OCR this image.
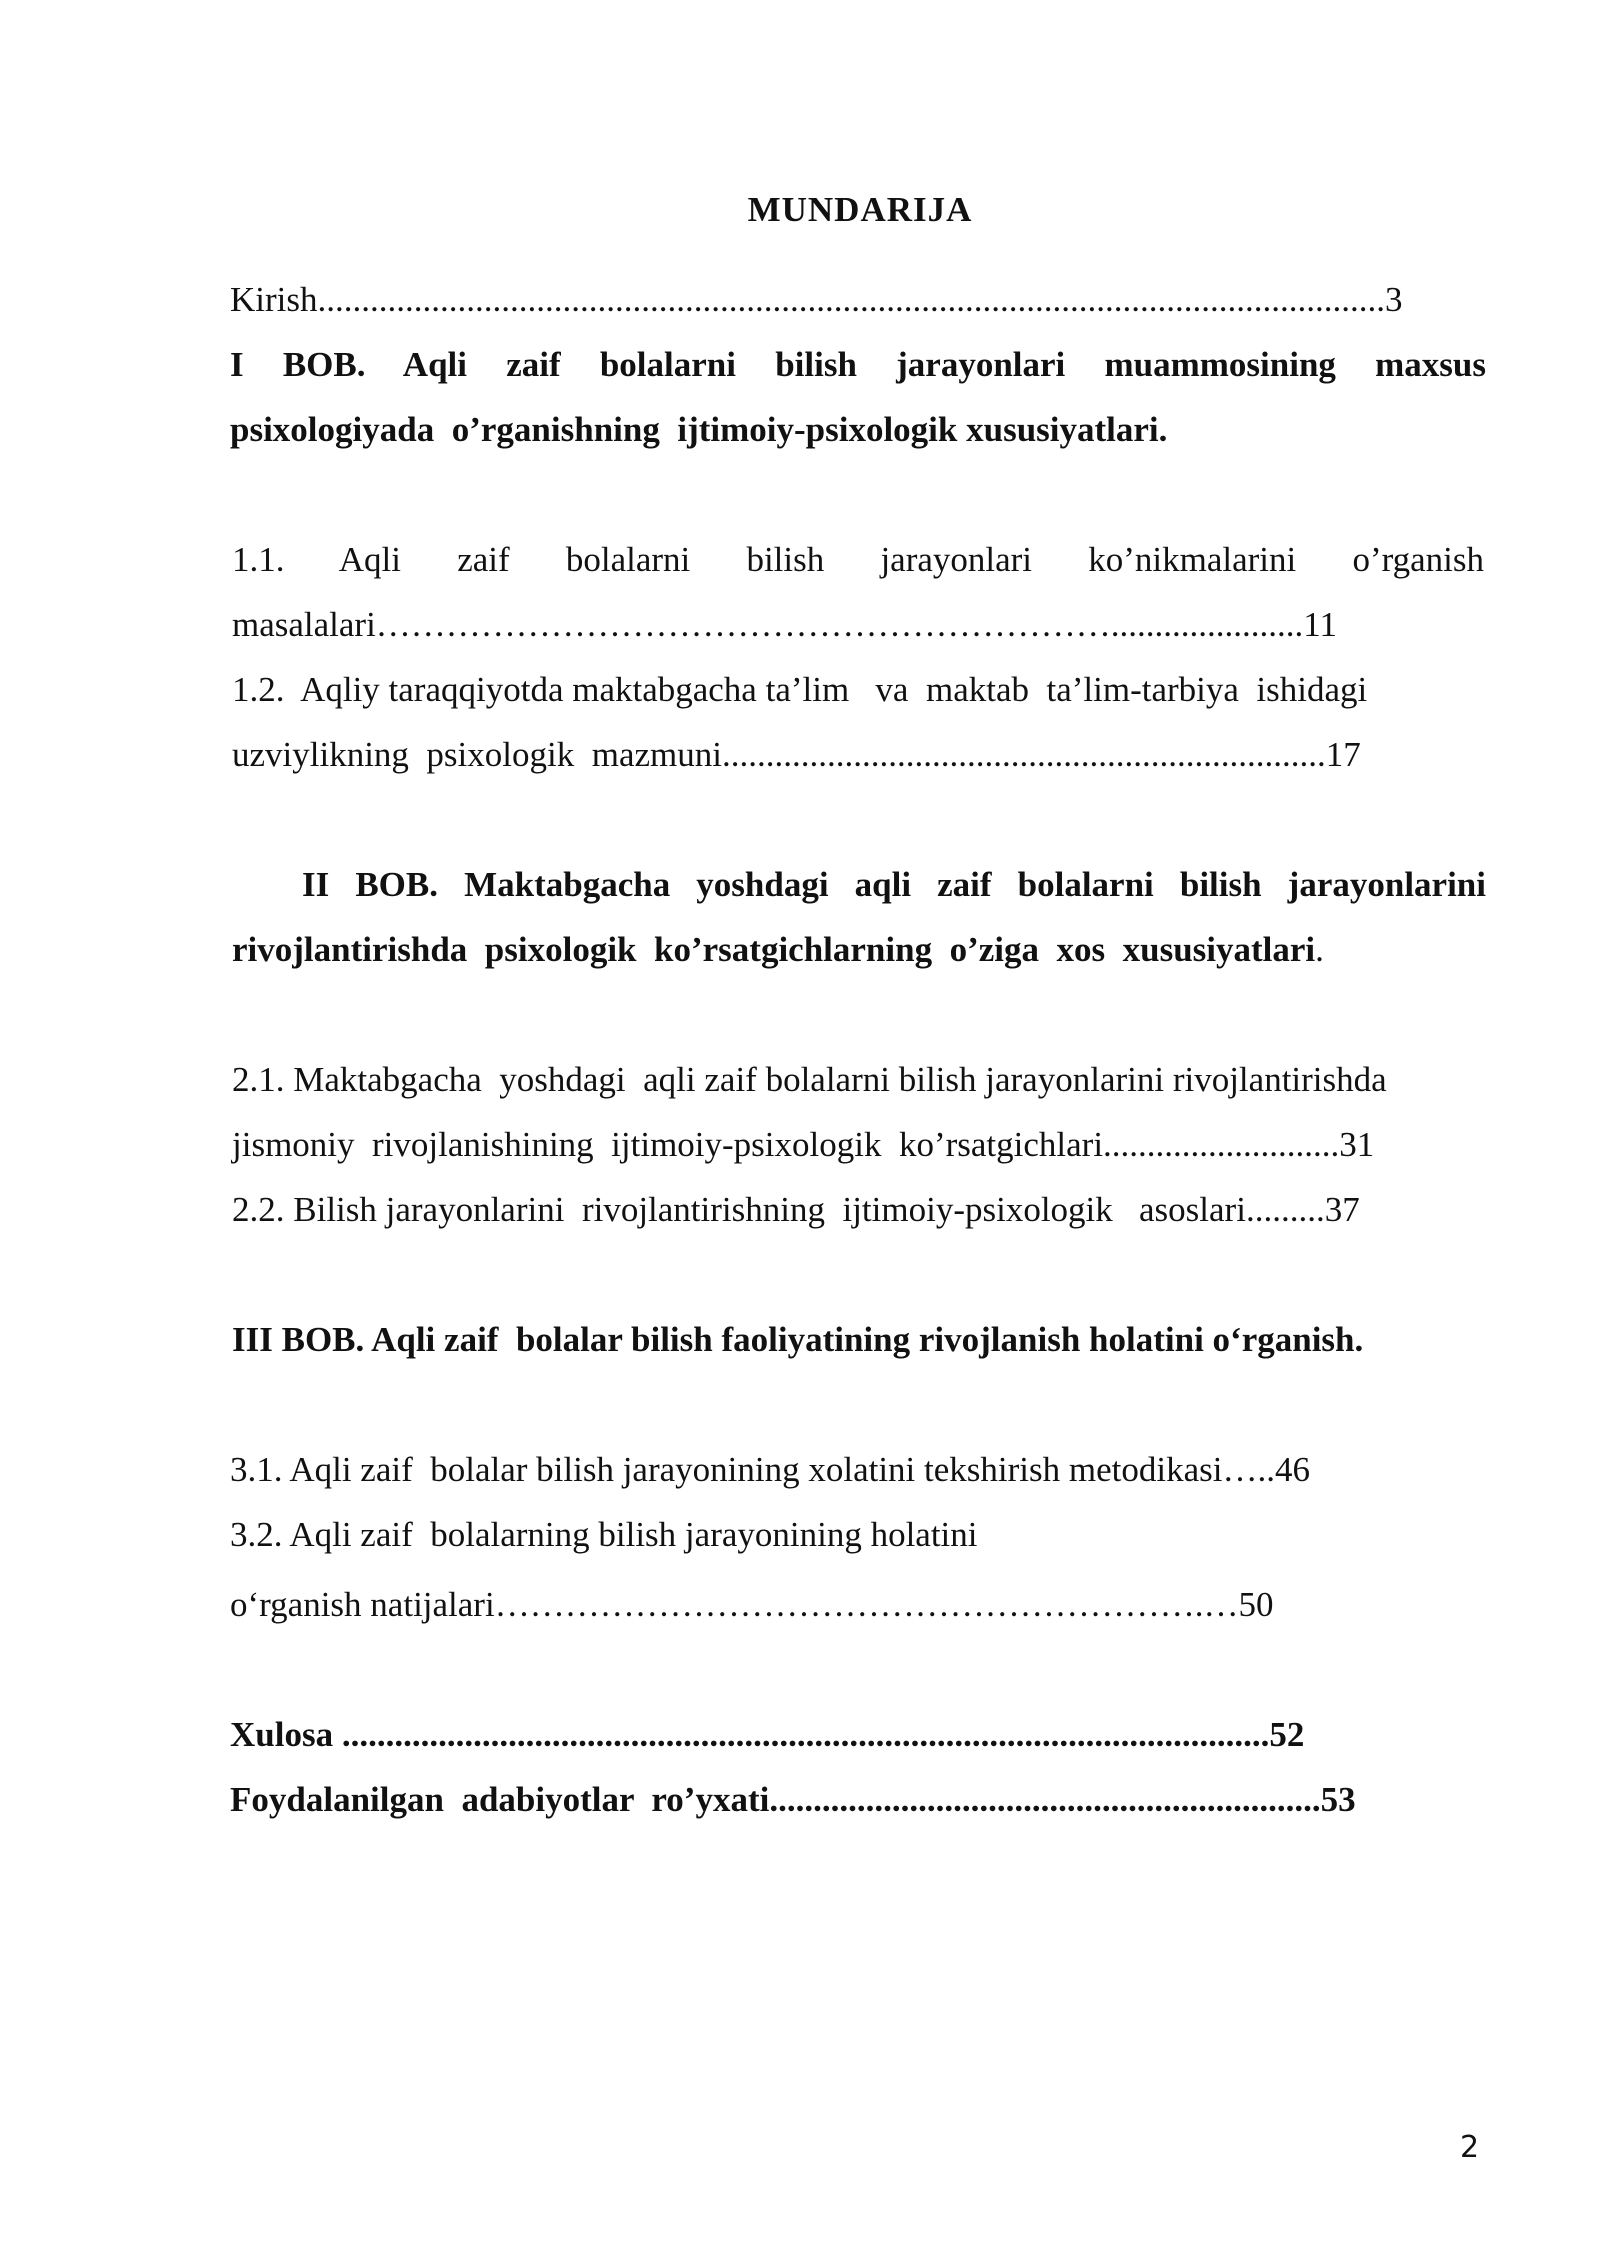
MUNDARIJA
Kirish..........................................................................................................................3
I BOB. Aqli zaif bolalarni bilish jarayonlari muammosining maxsus
psixologiyada  o’rganishning  ijtimoiy-psixologik xususiyatlari.
1.1. Aqli zaif bolalarni bilish jarayonlari ko’nikmalarini o’rganish
masalalari………………………………………………………......................11
1.2.  Aqliy taraqqiyotda maktabgacha ta’lim   va  maktab  ta’lim-tarbiya  ishidagi
uzviylikning  psixologik  mazmuni.....................................................................17
II BOB. Maktabgacha yoshdagi aqli zaif bolalarni bilish jarayonlarini
rivojlantirishda  psixologik  ko’rsatgichlarning  o’ziga  xos  xususiyatlari.
2.1. Maktabgacha  yoshdagi  aqli zaif bolalarni bilish jarayonlarini rivojlantirishda
jismoniy  rivojlanishining  ijtimoiy-psixologik  ko’rsatgichlari...........................31
2.2. Bilish jarayonlarini  rivojlantirishning  ijtimoiy-psixologik   asoslari.........37
III BOB. Aqli zaif  bolalar bilish faoliyatining rivojlanish holatini o‘rganish.
3.1. Aqli zaif  bolalar bilish jarayonining xolatini tekshirish metodikasi…..46
3.2. Aqli zaif  bolalarning bilish jarayonining holatini
o‘rganish natijalari…………………………………………………….…50
Xulosa ..........................................................................................................52
Foydalanilgan  adabiyotlar  ro’yxati...............................................................53
2
